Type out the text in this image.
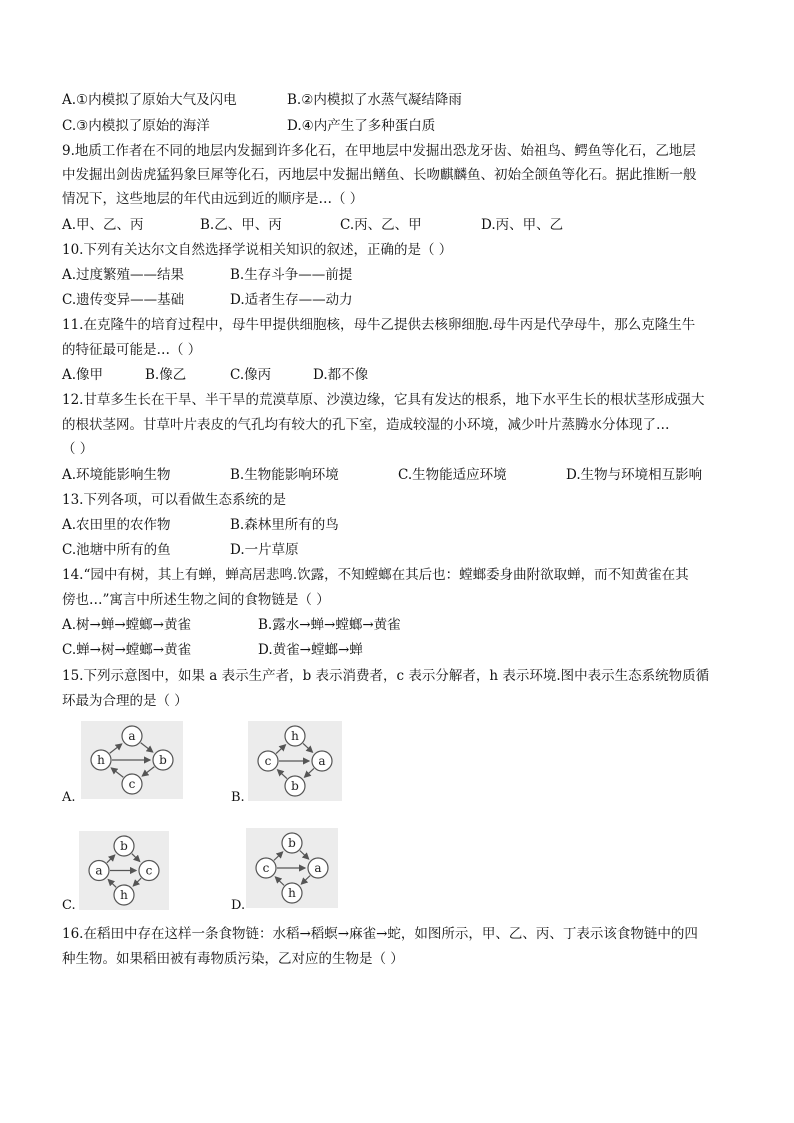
A.①内模拟了原始大气及闪电	B.②内模拟了水蒸气凝结降雨
C.③内模拟了原始的海洋	D.④内产生了多种蛋白质
9.地质工作者在不同的地层内发掘到许多化石，在甲地层中发掘出恐龙牙齿、始祖鸟、鳄鱼等化石，乙地层
中发掘出剑齿虎猛犸象巨犀等化石，丙地层中发掘出鳝鱼、长吻麒麟鱼、初始全颌鱼等化石。据此推断一般
情况下，这些地层的年代由远到近的顺序是…（ ）
A.甲、乙、丙	B.乙、甲、丙	C.丙、乙、甲	D.丙、甲、乙
10.下列有关达尔文自然选择学说相关知识的叙述，正确的是（ ）
A.过度繁殖——结果	B.生存斗争——前提
C.遗传变异——基础	D.适者生存——动力
11.在克隆牛的培育过程中，母牛甲提供细胞核，母牛乙提供去核卵细胞.母牛丙是代孕母牛，那么克隆生牛
的特征最可能是…（ ）
A.像甲	B.像乙	C.像丙	D.都不像
12.甘草多生长在干旱、半干旱的荒漠草原、沙漠边缘，它具有发达的根系，地下水平生长的根状茎形成强大
的根状茎网。甘草叶片表皮的气孔均有较大的孔下室，造成较湿的小环境，减少叶片蒸腾水分体现了…
（ ）
A.环境能影响生物	B.生物能影响环境	C.生物能适应环境	D.生物与环境相互影响
13.下列各项，可以看做生态系统的是
A.农田里的农作物	B.森林里所有的鸟
C.池塘中所有的鱼	D.一片草原
14.“园中有树，其上有蝉，蝉高居悲鸣.饮露，不知螳螂在其后也：螳螂委身曲附欲取蝉，而不知黄雀在其
傍也…”寓言中所述生物之间的食物链是（ ）
A.树→蝉→螳螂→黄雀	B.露水→蝉→螳螂→黄雀
C.蝉→树→螳螂→黄雀	D.黄雀→螳螂→蝉
15.下列示意图中，如果 a 表示生产者，b 表示消费者，c 表示分解者，h 表示环境.图中表示生态系统物质循
环最为合理的是（ ）
h
a
b
c
A.
c
h
a
b
B.
a
b
c
h
C.
c
b
a
h
D.
16.在稻田中存在这样一条食物链：水稻→稻螟→麻雀→蛇，如图所示，甲、乙、丙、丁表示该食物链中的四
种生物。如果稻田被有毒物质污染，乙对应的生物是（ ）
